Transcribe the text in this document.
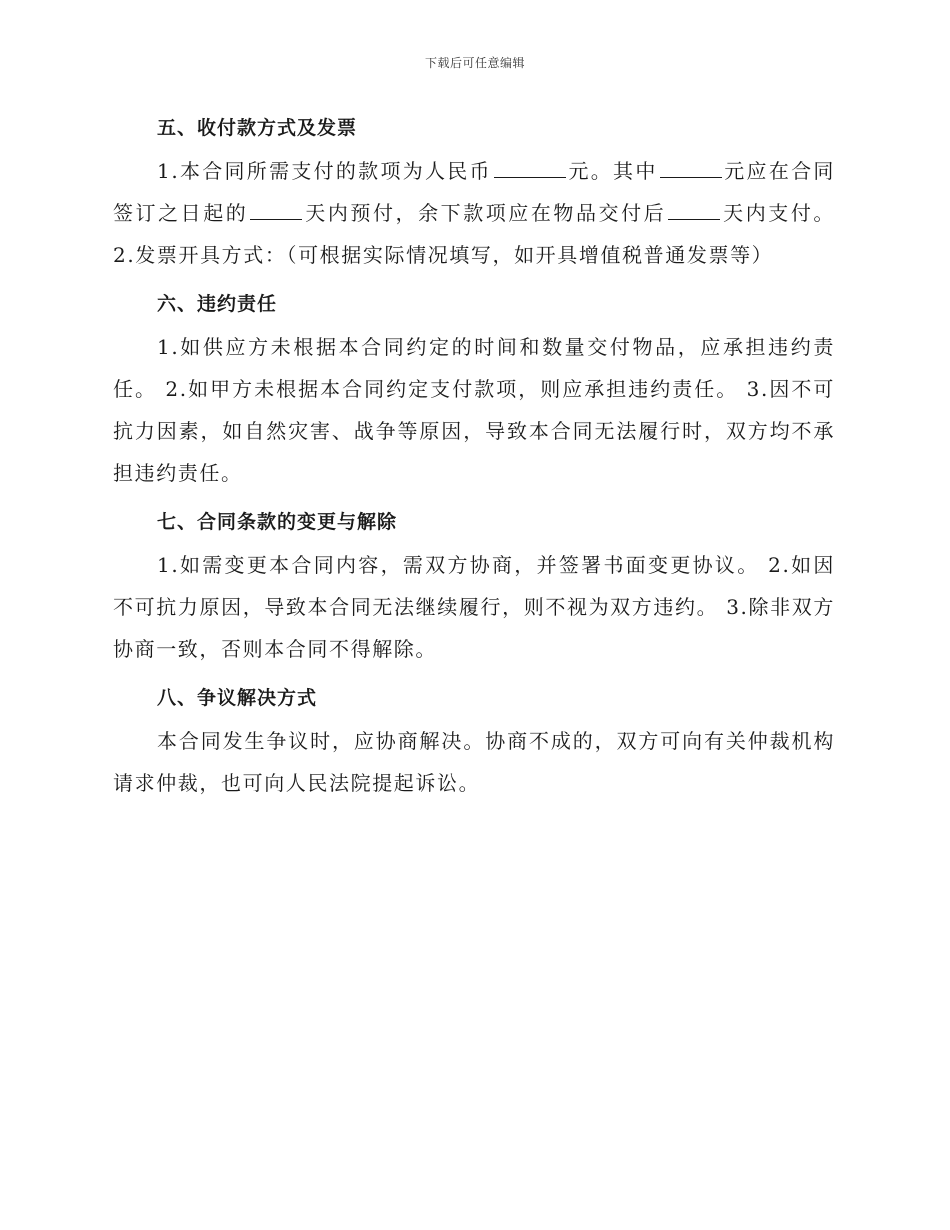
下载后可任意编辑
五、收付款方式及发票

1.本合同所需支付的款项为人民币	元。其中	元应在合同签订之日起的	天内预付，余下款项应在物品交付后	天内支付。 2.发票开具方式：（可根据实际情况填写，如开具增值税普通发票等）

六、违约责任

1.如供应方未根据本合同约定的时间和数量交付物品，应承担违约责任。 2.如甲方未根据本合同约定支付款项，则应承担违约责任。 3.因不可抗力因素，如自然灾害、战争等原因，导致本合同无法履行时，双方均不承担违约责任。

七、合同条款的变更与解除

1.如需变更本合同内容，需双方协商，并签署书面变更协议。 2.如因不可抗力原因，导致本合同无法继续履行，则不视为双方违约。 3.除非双方协商一致，否则本合同不得解除。

八、争议解决方式

本合同发生争议时，应协商解决。协商不成的，双方可向有关仲裁机构请求仲裁，也可向人民法院提起诉讼。
